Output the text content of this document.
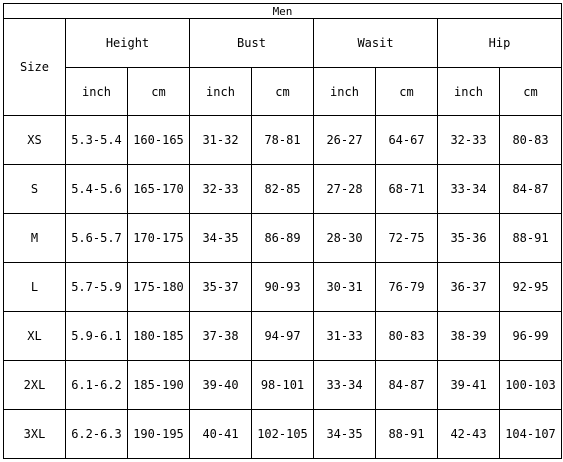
Men								
Size	Height		Bust		Wasit		Hip	
	inch	cm	inch	cm	inch	cm	inch	cm
XS	5.3-5.4	160-165	31-32	78-81	26-27	64-67	32-33	80-83
S	5.4-5.6	165-170	32-33	82-85	27-28	68-71	33-34	84-87
M	5.6-5.7	170-175	34-35	86-89	28-30	72-75	35-36	88-91
L	5.7-5.9	175-180	35-37	90-93	30-31	76-79	36-37	92-95
XL	5.9-6.1	180-185	37-38	94-97	31-33	80-83	38-39	96-99
2XL	6.1-6.2	185-190	39-40	98-101	33-34	84-87	39-41	100-103
3XL	6.2-6.3	190-195	40-41	102-105	34-35	88-91	42-43	104-107
